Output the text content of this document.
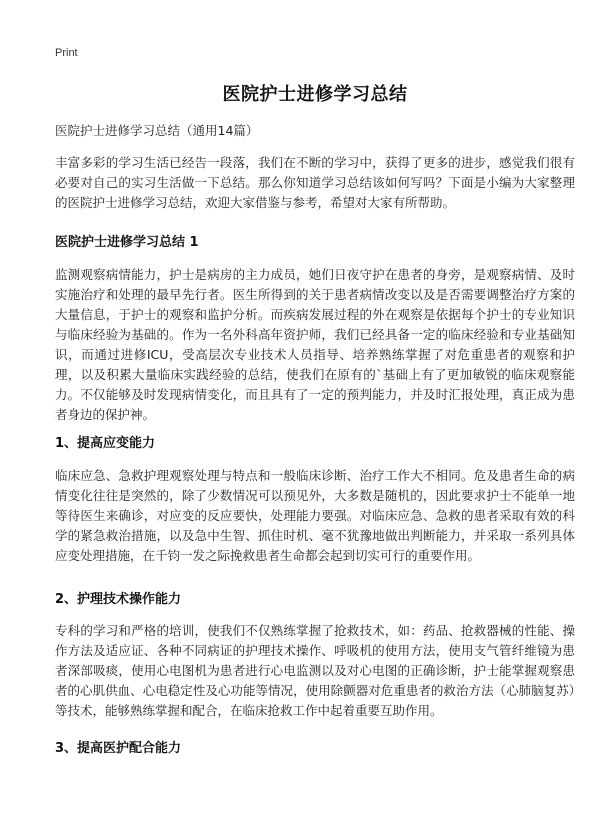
Print
医院护士进修学习总结
医院护士进修学习总结（通用14篇）
丰富多彩的学习生活已经告一段落，我们在不断的学习中，获得了更多的进步，感觉我们很有必要对自己的实习生活做一下总结。那么你知道学习总结该如何写吗？下面是小编为大家整理的医院护士进修学习总结，欢迎大家借鉴与参考，希望对大家有所帮助。
医院护士进修学习总结 1
监测观察病情能力，护士是病房的主力成员，她们日夜守护在患者的身旁，是观察病情、及时实施治疗和处理的最早先行者。医生所得到的关于患者病情改变以及是否需要调整治疗方案的大量信息，于护士的观察和监护分析。而疾病发展过程的外在观察是依据每个护士的专业知识与临床经验为基础的。作为一名外科高年资护师，我们已经具备一定的临床经验和专业基础知识，而通过进修ICU，受高层次专业技术人员指导、培养熟练掌握了对危重患者的观察和护理，以及积累大量临床实践经验的总结，使我们在原有的`基础上有了更加敏锐的临床观察能力。不仅能够及时发现病情变化，而且具有了一定的预判能力，并及时汇报处理，真正成为患者身边的保护神。
1、提高应变能力
临床应急、急救护理观察处理与特点和一般临床诊断、治疗工作大不相同。危及患者生命的病情变化往往是突然的，除了少数情况可以预见外，大多数是随机的，因此要求护士不能单一地等待医生来确诊，对应变的反应要快，处理能力要强。对临床应急、急救的患者采取有效的科学的紧急救治措施，以及急中生智、抓住时机、毫不犹豫地做出判断能力，并采取一系列具体应变处理措施，在千钧一发之际挽救患者生命都会起到切实可行的重要作用。
2、护理技术操作能力
专科的学习和严格的培训，使我们不仅熟练掌握了抢救技术，如：药品、抢救器械的性能、操作方法及适应证、各种不同病证的护理技术操作、呼吸机的使用方法，使用支气管纤维镜为患者深部吸痰，使用心电图机为患者进行心电监测以及对心电图的正确诊断，护士能掌握观察患者的心肌供血、心电稳定性及心功能等情况，使用除颤器对危重患者的救治方法（心肺脑复苏）等技术，能够熟练掌握和配合，在临床抢救工作中起着重要互助作用。
3、提高医护配合能力
